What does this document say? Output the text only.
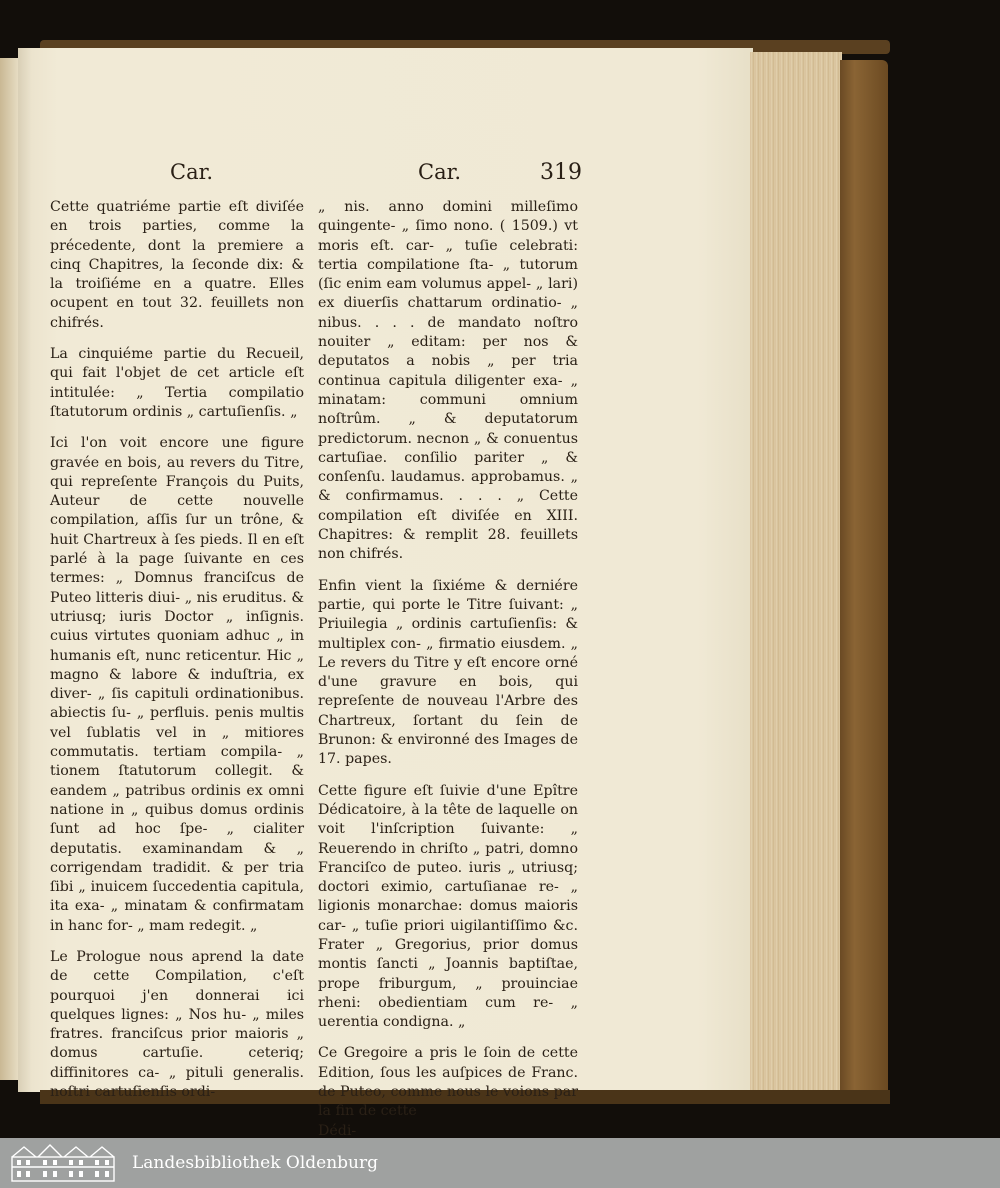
Car.	Car.	319

Cette quatriéme partie eſt diviſée en trois parties, comme la précedente, dont la premiere a cinq Chapitres, la ſeconde dix: & la troiſiéme en a quatre. Elles ocupent en tout 32. feuillets non chifrés.

La cinquiéme partie du Recueil, qui fait l'objet de cet article eſt intitulée: „ Tertia compilatio ſtatutorum ordinis „ cartuſienſis. „

Ici l'on voit encore une figure gravée en bois, au revers du Titre, qui repreſente François du Puits, Auteur de cette nouvelle compilation, aſſis ſur un trône, & huit Chartreux à ſes pieds. Il en eſt parlé à la page ſuivante en ces termes: „ Domnus franciſcus de Puteo litteris diui- „ nis eruditus. & utriusq; iuris Doctor „ inſignis. cuius virtutes quoniam adhuc „ in humanis eſt, nunc reticentur. Hic „ magno & labore & induſtria, ex diver- „ ſis capituli ordinationibus. abiectis ſu- „ perfluis. penis multis vel ſublatis vel in „ mitiores commutatis. tertiam compila- „ tionem ſtatutorum collegit. & eandem „ patribus ordinis ex omni natione in „ quibus domus ordinis ſunt ad hoc ſpe- „ cialiter deputatis. examinandam & „ corrigendam tradidit. & per tria ſibi „ inuicem ſuccedentia capitula, ita exa- „ minatam & confirmatam in hanc for- „ mam redegit. „

Le Prologue nous aprend la date de cette Compilation, c'eſt pourquoi j'en donnerai ici quelques lignes: „ Nos hu- „ miles fratres. franciſcus prior maioris „ domus cartuſie. ceteriq; diffinitores ca- „ pituli generalis. noſtri cartuſienſis ordi-

„ nis. anno domini milleſimo quingente- „ ſimo nono. ( 1509.) vt moris eſt. car- „ tuſie celebrati: tertia compilatione ſta- „ tutorum (ſic enim eam volumus appel- „ lari) ex diuerſis chattarum ordinatio- „ nibus. . . . de mandato noſtro nouiter „ editam: per nos & deputatos a nobis „ per tria continua capitula diligenter exa- „ minatam: communi omnium noſtrûm. „ & deputatorum predictorum. necnon „ & conuentus cartuſiae. conſilio pariter „ & conſenſu. laudamus. approbamus. „ & confirmamus. . . . „ Cette compilation eſt diviſée en XIII. Chapitres: & remplit 28. feuillets non chifrés.

Enfin vient la ſixiéme & derniére partie, qui porte le Titre ſuivant: „ Priuilegia „ ordinis cartuſienſis: & multiplex con- „ firmatio eiusdem. „ Le revers du Titre y eſt encore orné d'une gravure en bois, qui repreſente de nouveau l'Arbre des Chartreux, ſortant du ſein de Brunon: & environné des Images de 17. papes.

Cette figure eſt ſuivie d'une Epître Dédicatoire, à la tête de laquelle on voit l'inſcription ſuivante: „ Reuerendo in chriſto „ patri, domno Franciſco de puteo. iuris „ utriusq; doctori eximio, cartuſianae re- „ ligionis monarchae: domus maioris car- „ tuſie priori uigilantiſſimo &c. Frater „ Gregorius, prior domus montis ſancti „ Joannis baptiſtae, prope friburgum, „ prouinciae rheni: obedientiam cum re- „ uerentia condigna. „

Ce Gregoire a pris le ſoin de cette Edition, ſous les auſpices de Franc. de Puteo, comme nous le voions par la fin de cette

Dédi-

Landesbibliothek Oldenburg
